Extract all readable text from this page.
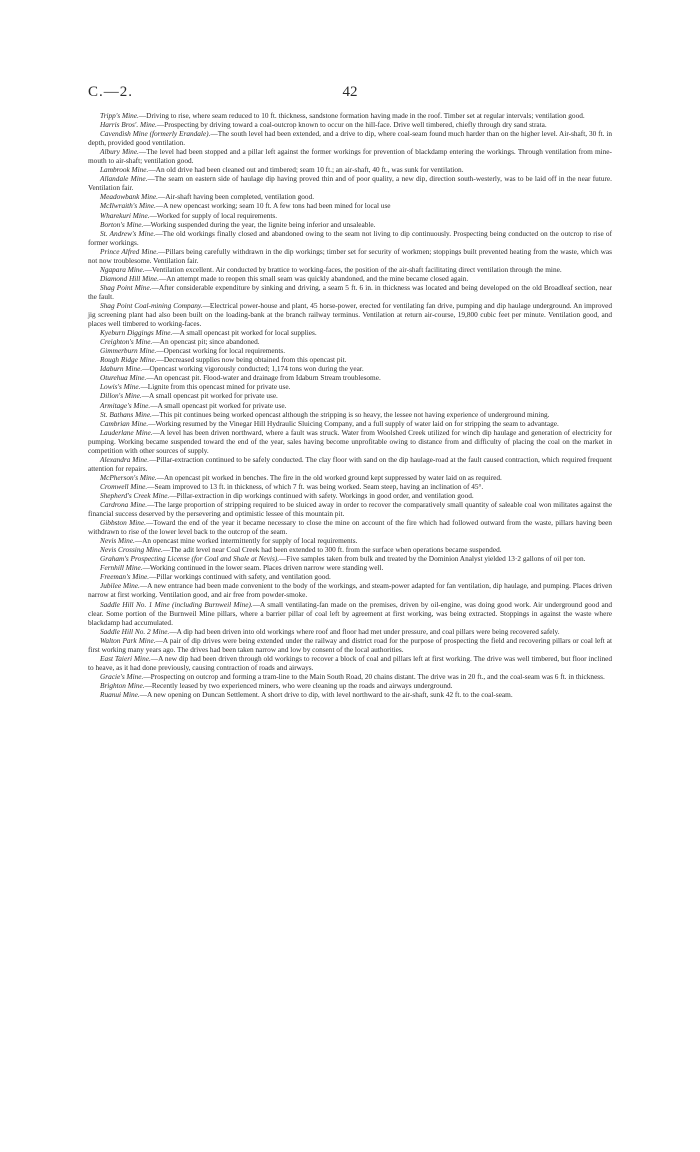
C.—2.	42

Tripp's Mine.—Driving to rise, where seam reduced to 10 ft. thickness, sandstone formation having made in the roof. Timber set at regular intervals; ventilation good.

Harris Bros'. Mine.—Prospecting by driving toward a coal-outcrop known to occur on the hill-face. Drive well timbered, chiefly through dry sand strata.

Cavendish Mine (formerly Erandale).—The south level had been extended, and a drive to dip, where coal-seam found much harder than on the higher level. Air-shaft, 30 ft. in depth, provided good ventilation.

Albury Mine.—The level had been stopped and a pillar left against the former workings for prevention of blackdamp entering the workings. Through ventilation from mine-mouth to air-shaft; ventilation good.

Lambrook Mine.—An old drive had been cleaned out and timbered; seam 10 ft.; an air-shaft, 40 ft., was sunk for ventilation.

Allandale Mine.—The seam on eastern side of haulage dip having proved thin and of poor quality, a new dip, direction south-westerly, was to be laid off in the near future. Ventilation fair.

Meadowbank Mine.—Air-shaft having been completed, ventilation good.

McIlwraith's Mine.—A new opencast working; seam 10 ft. A few tons had been mined for local use

Wharekuri Mine.—Worked for supply of local requirements.

Borton's Mine.—Working suspended during the year, the lignite being inferior and unsaleable.

St. Andrew's Mine.—The old workings finally closed and abandoned owing to the seam not living to dip continuously. Prospecting being conducted on the outcrop to rise of former workings.

Prince Alfred Mine.—Pillars being carefully withdrawn in the dip workings; timber set for security of workmen; stoppings built prevented heating from the waste, which was not now troublesome. Ventilation fair.

Ngapara Mine.—Ventilation excellent. Air conducted by brattice to working-faces, the position of the air-shaft facilitating direct ventilation through the mine.

Diamond Hill Mine.—An attempt made to reopen this small seam was quickly abandoned, and the mine became closed again.

Shag Point Mine.—After considerable expenditure by sinking and driving, a seam 5 ft. 6 in. in thickness was located and being developed on the old Broadleaf section, near the fault.

Shag Point Coal-mining Company.—Electrical power-house and plant, 45 horse-power, erected for ventilating fan drive, pumping and dip haulage underground. An improved jig screening plant had also been built on the loading-bank at the branch railway terminus. Ventilation at return air-course, 19,800 cubic feet per minute. Ventilation good, and places well timbered to working-faces.

Kyeburn Diggings Mine.—A small opencast pit worked for local supplies.

Creighton's Mine.—An opencast pit; since abandoned.

Gimmerburn Mine.—Opencast working for local requirements.

Rough Ridge Mine.—Decreased supplies now being obtained from this opencast pit.

Idaburn Mine.—Opencast working vigorously conducted; 1,174 tons won during the year.

Oturehua Mine.—An opencast pit. Flood-water and drainage from Idaburn Stream troublesome.

Lowis's Mine.—Lignite from this opencast mined for private use.

Dillon's Mine.—A small opencast pit worked for private use.

Armitage's Mine.—A small opencast pit worked for private use.

St. Bathans Mine.—This pit continues being worked opencast although the stripping is so heavy, the lessee not having experience of underground mining.

Cambrian Mine.—Working resumed by the Vinegar Hill Hydraulic Sluicing Company, and a full supply of water laid on for stripping the seam to advantage.

Lauderlane Mine.—A level has been driven northward, where a fault was struck. Water from Woolshed Creek utilized for winch dip haulage and generation of electricity for pumping. Working became suspended toward the end of the year, sales having become unprofitable owing to distance from and difficulty of placing the coal on the market in competition with other sources of supply.

Alexandra Mine.—Pillar-extraction continued to be safely conducted. The clay floor with sand on the dip haulage-road at the fault caused contraction, which required frequent attention for repairs.

McPherson's Mine.—An opencast pit worked in benches. The fire in the old worked ground kept suppressed by water laid on as required.

Cromwell Mine.—Seam improved to 13 ft. in thickness, of which 7 ft. was being worked. Seam steep, having an inclination of 45°.

Shepherd's Creek Mine.—Pillar-extraction in dip workings continued with safety. Workings in good order, and ventilation good.

Cardrona Mine.—The large proportion of stripping required to be sluiced away in order to recover the comparatively small quantity of saleable coal won militates against the financial success deserved by the persevering and optimistic lessee of this mountain pit.

Gibbston Mine.—Toward the end of the year it became necessary to close the mine on account of the fire which had followed outward from the waste, pillars having been withdrawn to rise of the lower level back to the outcrop of the seam.

Nevis Mine.—An opencast mine worked intermittently for supply of local requirements.

Nevis Crossing Mine.—The adit level near Coal Creek had been extended to 300 ft. from the surface when operations became suspended.

Graham's Prospecting License (for Coal and Shale at Nevis).—Five samples taken from bulk and treated by the Dominion Analyst yielded 13·2 gallons of oil per ton.

Fernhill Mine.—Working continued in the lower seam. Places driven narrow were standing well.

Freeman's Mine.—Pillar workings continued with safety, and ventilation good.

Jubilee Mine.—A new entrance had been made convenient to the body of the workings, and steam-power adapted for fan ventilation, dip haulage, and pumping. Places driven narrow at first working. Ventilation good, and air free from powder-smoke.

Saddle Hill No. 1 Mine (including Burnweil Mine).—A small ventilating-fan made on the premises, driven by oil-engine, was doing good work. Air underground good and clear. Some portion of the Burnweil Mine pillars, where a barrier pillar of coal left by agreement at first working, was being extracted. Stoppings in against the waste where blackdamp had accumulated.

Saddle Hill No. 2 Mine.—A dip had been driven into old workings where roof and floor had met under pressure, and coal pillars were being recovered safely.

Walton Park Mine.—A pair of dip drives were being extended under the railway and district road for the purpose of prospecting the field and recovering pillars or coal left at first working many years ago. The drives had been taken narrow and low by consent of the local authorities.

East Taieri Mine.—A new dip had been driven through old workings to recover a block of coal and pillars left at first working. The drive was well timbered, but floor inclined to heave, as it had done previously, causing contraction of roads and airways.

Gracie's Mine.—Prospecting on outcrop and forming a tram-line to the Main South Road, 20 chains distant. The drive was in 20 ft., and the coal-seam was 6 ft. in thickness.

Brighton Mine.—Recently leased by two experienced miners, who were cleaning up the roads and airways underground.

Ruanui Mine.—A new opening on Duncan Settlement. A short drive to dip, with level northward to the air-shaft, sunk 42 ft. to the coal-seam.
